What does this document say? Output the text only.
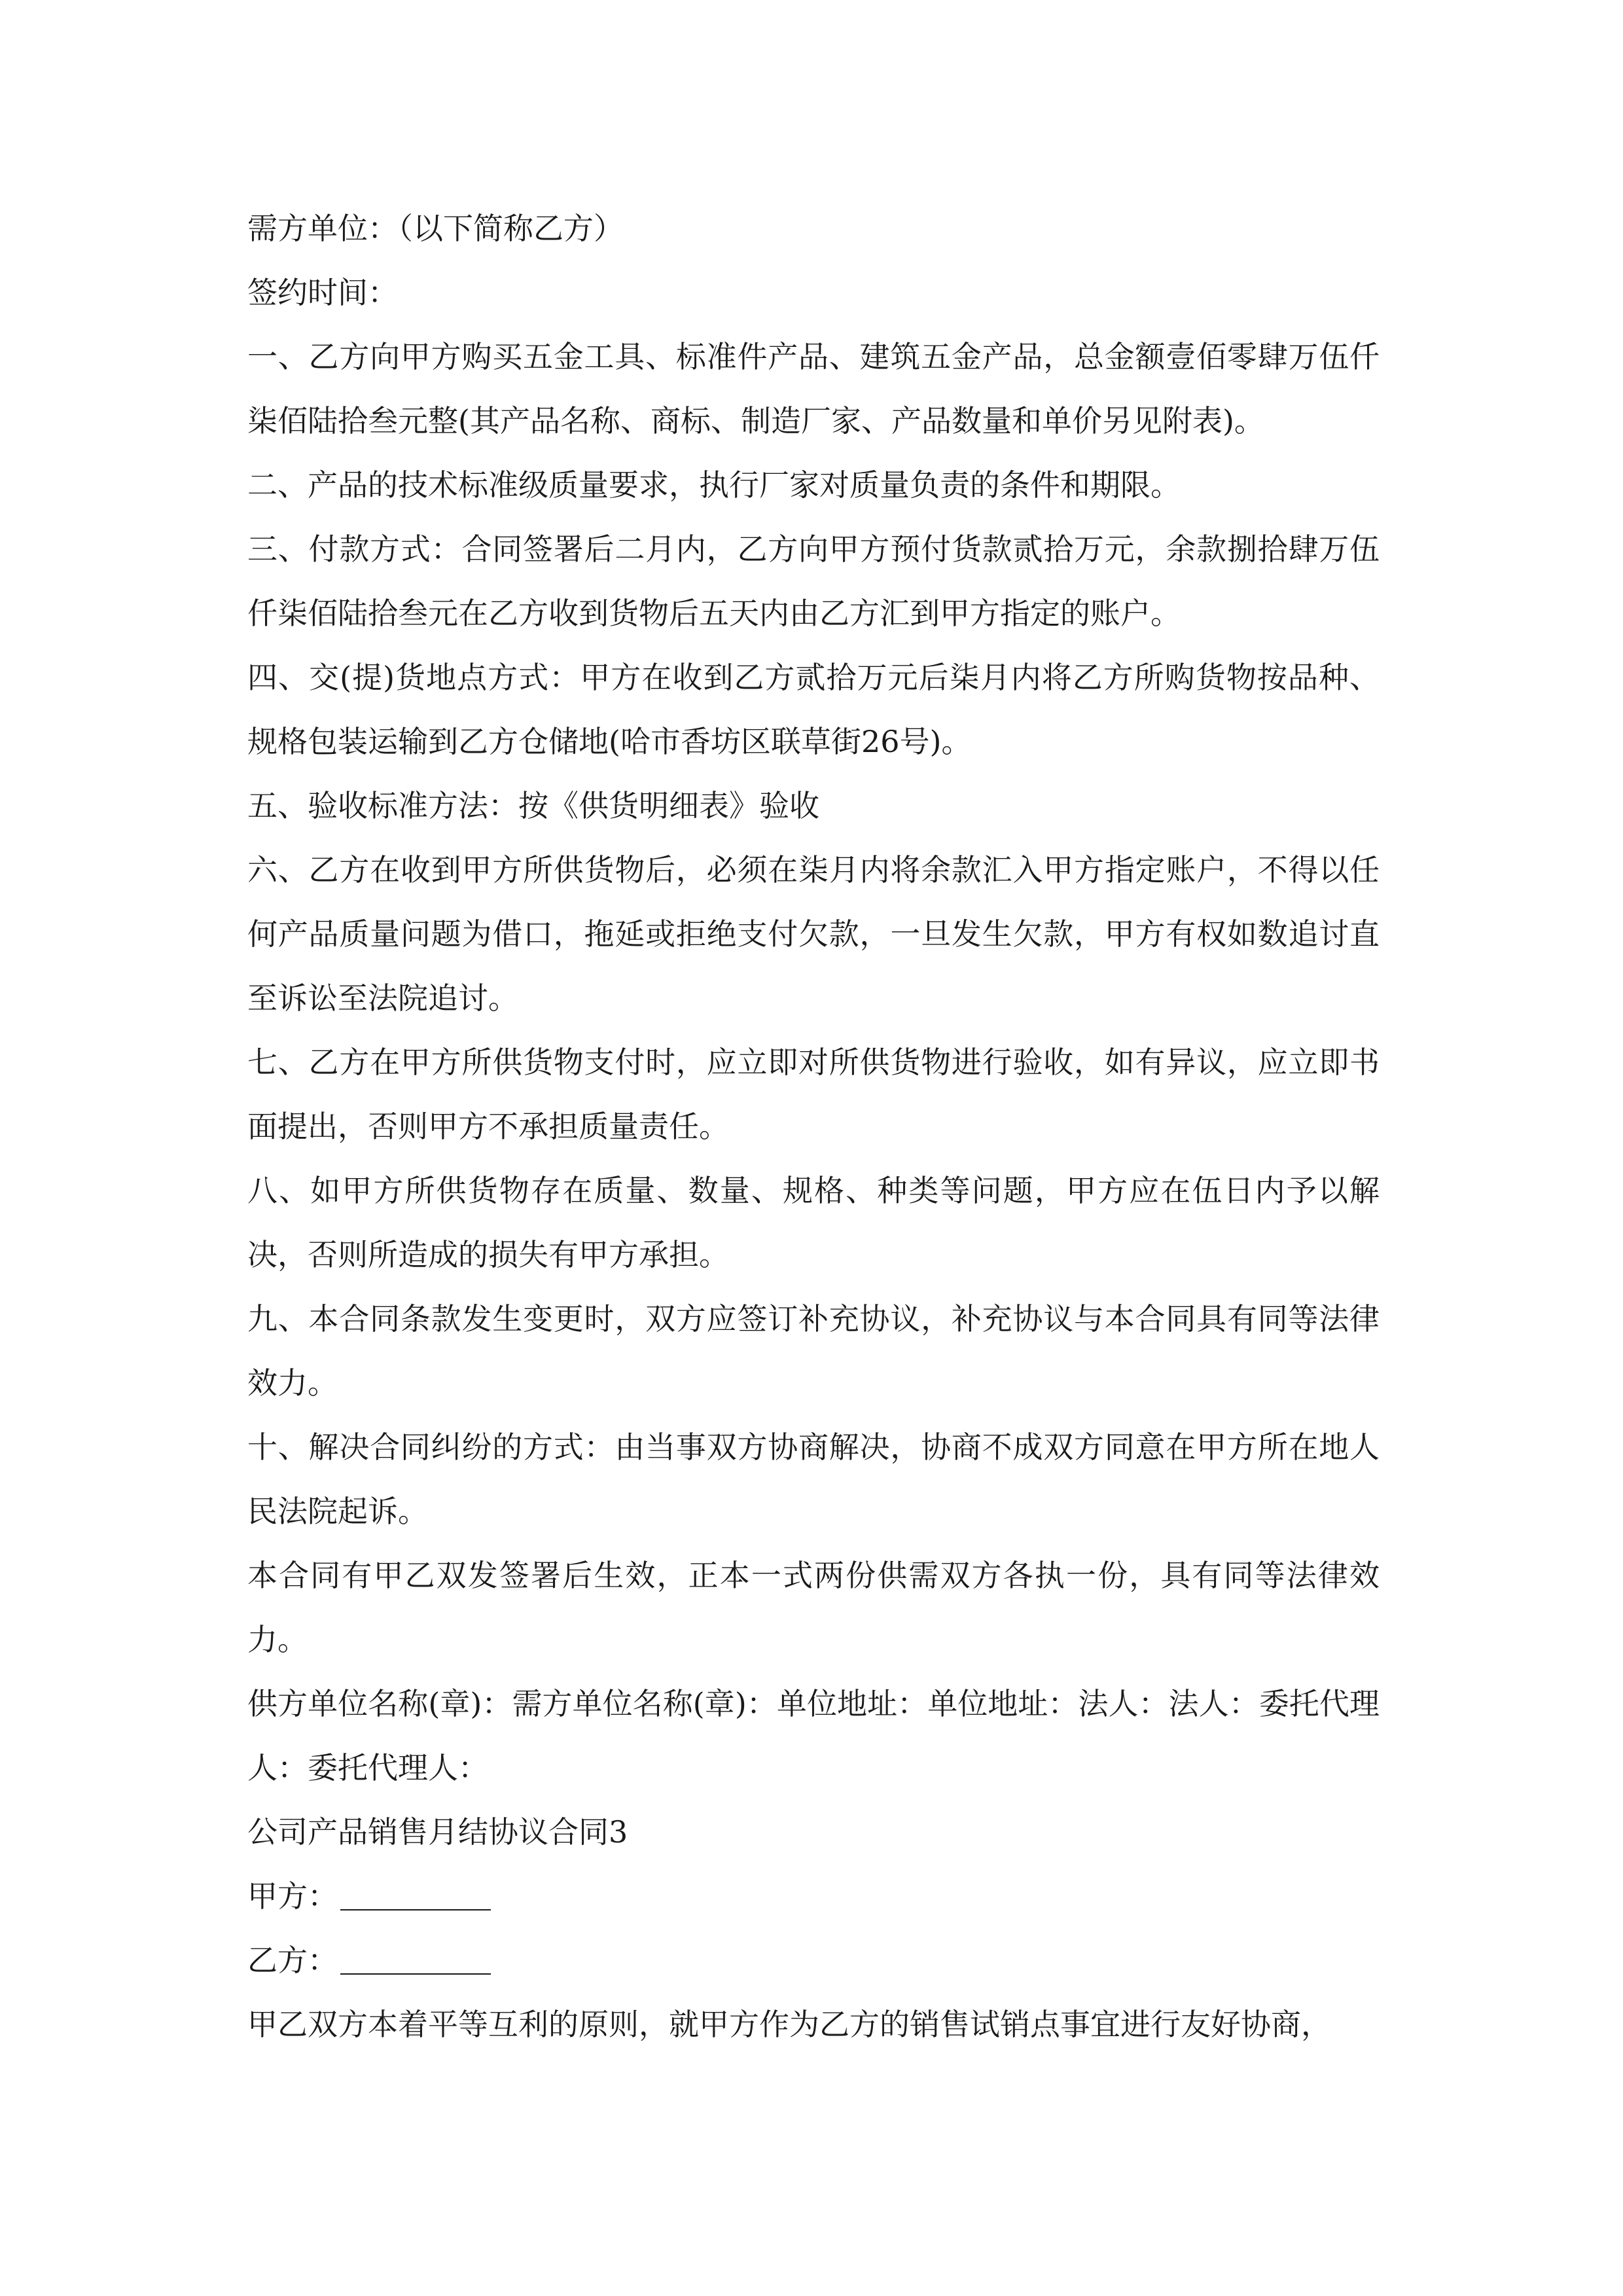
需方单位：（以下简称乙方）

签约时间：

一、乙方向甲方购买五金工具、标准件产品、建筑五金产品，总金额壹佰零肆万伍仟柒佰陆拾叁元整(其产品名称、商标、制造厂家、产品数量和单价另见附表)。

二、产品的技术标准级质量要求，执行厂家对质量负责的条件和期限。

三、付款方式：合同签署后二月内，乙方向甲方预付货款贰拾万元，余款捌拾肆万伍仟柒佰陆拾叁元在乙方收到货物后五天内由乙方汇到甲方指定的账户。

四、交(提)货地点方式：甲方在收到乙方贰拾万元后柒月内将乙方所购货物按品种、规格包装运输到乙方仓储地(哈市香坊区联草街26号)。

五、验收标准方法：按《供货明细表》验收

六、乙方在收到甲方所供货物后，必须在柒月内将余款汇入甲方指定账户，不得以任何产品质量问题为借口，拖延或拒绝支付欠款，一旦发生欠款，甲方有权如数追讨直至诉讼至法院追讨。

七、乙方在甲方所供货物支付时，应立即对所供货物进行验收，如有异议，应立即书面提出，否则甲方不承担质量责任。

八、如甲方所供货物存在质量、数量、规格、种类等问题，甲方应在伍日内予以解决，否则所造成的损失有甲方承担。

九、本合同条款发生变更时，双方应签订补充协议，补充协议与本合同具有同等法律效力。

十、解决合同纠纷的方式：由当事双方协商解决，协商不成双方同意在甲方所在地人民法院起诉。

本合同有甲乙双发签署后生效，正本一式两份供需双方各执一份，具有同等法律效力。

供方单位名称(章)：需方单位名称(章)：单位地址：单位地址：法人：法人：委托代理人：委托代理人：

公司产品销售月结协议合同3

甲方：

乙方：

甲乙双方本着平等互利的原则，就甲方作为乙方的销售试销点事宜进行友好协商，
